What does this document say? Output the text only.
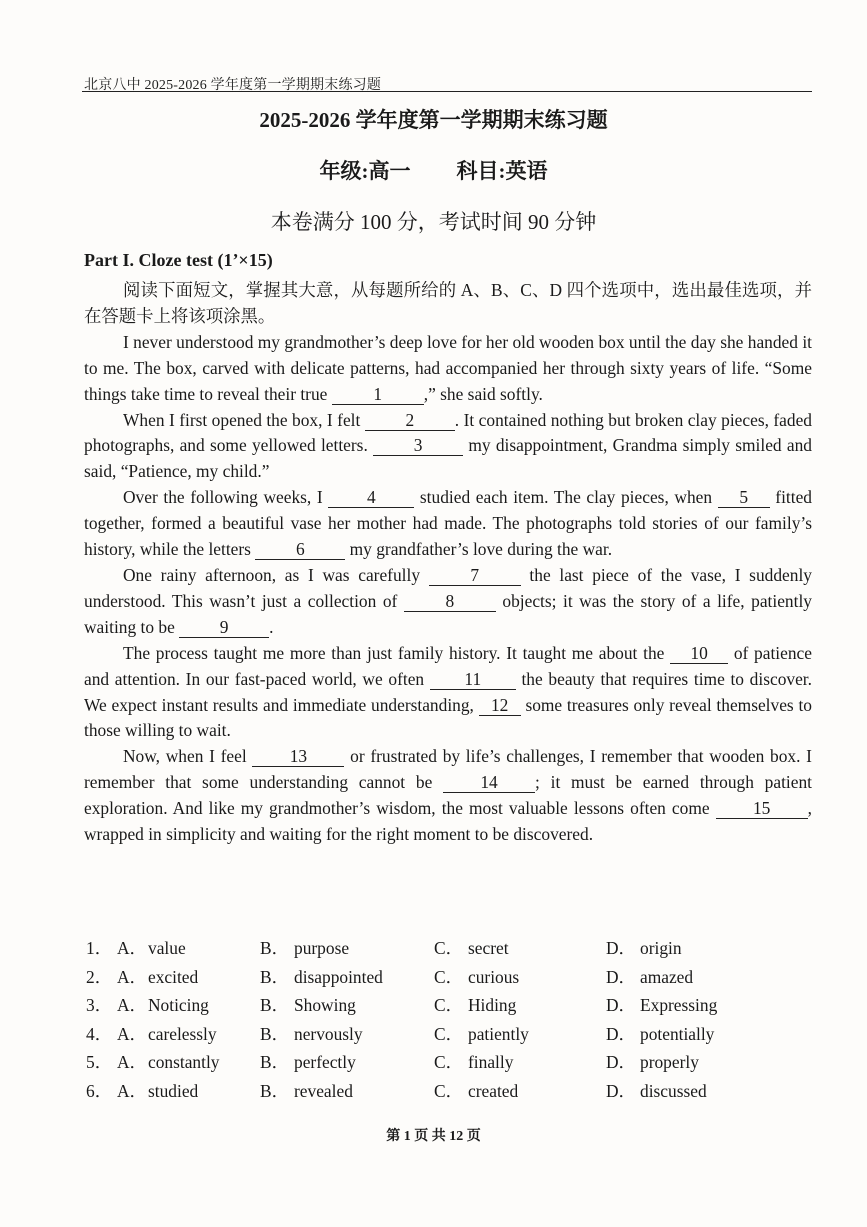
北京八中 2025-2026 学年度第一学期期末练习题
2025-2026 学年度第一学期期末练习题
年级:高一 科目:英语
本卷满分 100 分，考试时间 90 分钟
Part I. Cloze test (1’×15)

阅读下面短文，掌握其大意，从每题所给的 A、B、C、D 四个选项中，选出最佳选项，并在答题卡上将该项涂黑。

I never understood my grandmother’s deep love for her old wooden box until the day she handed it to me. The box, carved with delicate patterns, had accompanied her through sixty years of life. “Some things take time to reveal their true 1 ,” she said softly.

When I first opened the box, I felt 2 . It contained nothing but broken clay pieces, faded photographs, and some yellowed letters. 3 my disappointment, Grandma simply smiled and said, “Patience, my child.”

Over the following weeks, I 4 studied each item. The clay pieces, when 5 fitted together, formed a beautiful vase her mother had made. The photographs told stories of our family’s history, while the letters 6 my grandfather’s love during the war.

One rainy afternoon, as I was carefully 7 the last piece of the vase, I suddenly understood. This wasn’t just a collection of 8 objects; it was the story of a life, patiently waiting to be 9 .

The process taught me more than just family history. It taught me about the 10 of patience and attention. In our fast-paced world, we often 11 the beauty that requires time to discover. We expect instant results and immediate understanding, 12 some treasures only reveal themselves to those willing to wait.

Now, when I feel 13 or frustrated by life’s challenges, I remember that wooden box. I remember that some understanding cannot be 14 ; it must be earned through patient exploration. And like my grandmother’s wisdom, the most valuable lessons often come 15 , wrapped in simplicity and waiting for the right moment to be discovered.

1． A．value	B． purpose	C． secret	D． origin
2． A．excited	B． disappointed	C． curious	D． amazed
3． A．Noticing	B． Showing	C． Hiding	D． Expressing
4． A．carelessly B． nervously	C． patiently	D． potentially
5． A．constantly B． perfectly	C． finally	D． properly
6． A．studied	B． revealed	C． created	D． discussed
第 1 页 共 12 页
